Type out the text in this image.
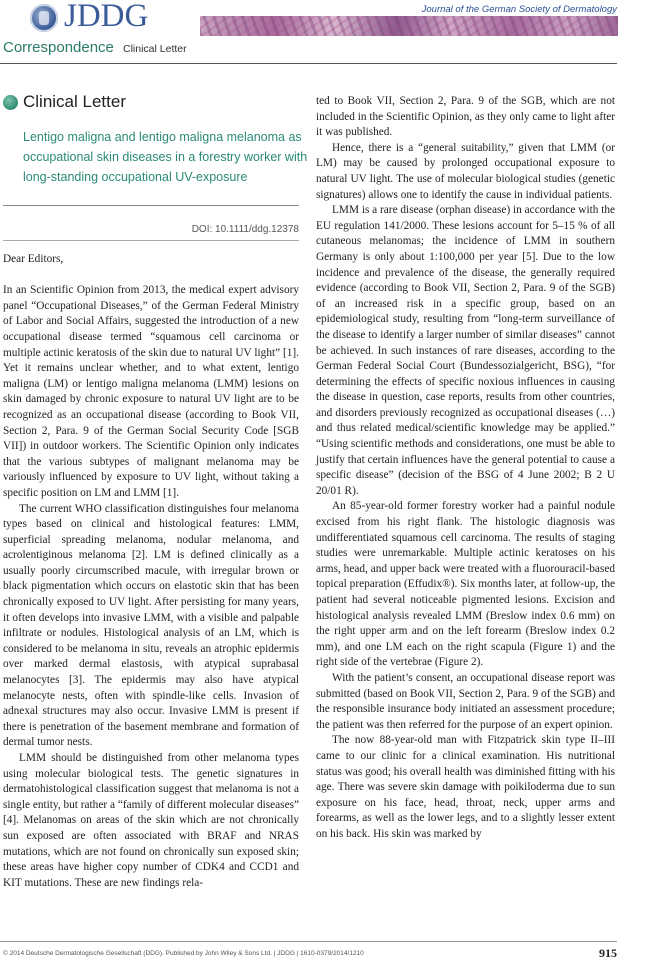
JDDG	Journal of the German Society of Dermatology
Correspondence Clinical Letter
Clinical Letter
Lentigo maligna and lentigo maligna melanoma as occupational skin diseases in a forestry worker with long-standing occupational UV-exposure
DOI: 10.1111/ddg.12378

Dear Editors,

In an Scientific Opinion from 2013, the medical expert advisory panel “Occupational Diseases,” of the German Federal Ministry of Labor and Social Affairs, suggested the introduction of a new occupational disease termed “squamous cell carcinoma or multiple actinic keratosis of the skin due to natural UV light” [1]. Yet it remains unclear whether, and to what extent, lentigo maligna (LM) or lentigo maligna melanoma (LMM) lesions on skin damaged by chronic exposure to natural UV light are to be recognized as an occupational disease (according to Book VII, Section 2, Para. 9 of the German Social Security Code [SGB VII]) in outdoor workers. The Scientific Opinion only indicates that the various subtypes of malignant melanoma may be variously influenced by exposure to UV light, without taking a specific position on LM and LMM [1].

The current WHO classification distinguishes four melanoma types based on clinical and histological features: LMM, superficial spreading melanoma, nodular melanoma, and acrolentiginous melanoma [2]. LM is defined clinically as a usually poorly circumscribed macule, with irregular brown or black pigmentation which occurs on elastotic skin that has been chronically exposed to UV light. After persisting for many years, it often develops into invasive LMM, with a visible and palpable infiltrate or nodules. Histological analysis of an LM, which is considered to be melanoma in situ, reveals an atrophic epidermis over marked dermal elastosis, with atypical suprabasal melanocytes [3]. The epidermis may also have atypical melanocyte nests, often with spindle-like cells. Invasion of adnexal structures may also occur. Invasive LMM is present if there is penetration of the basement membrane and formation of dermal tumor nests.

LMM should be distinguished from other melanoma types using molecular biological tests. The genetic signatures in dermatohistological classification suggest that melanoma is not a single entity, but rather a “family of different molecular diseases” [4]. Melanomas on areas of the skin which are not chronically sun exposed are often associated with BRAF and NRAS mutations, which are not found on chronically sun exposed skin; these areas have higher copy number of CDK4 and CCD1 and KIT mutations. These are new findings rela-

ted to Book VII, Section 2, Para. 9 of the SGB, which are not included in the Scientific Opinion, as they only came to light after it was published.

Hence, there is a “general suitability,” given that LMM (or LM) may be caused by prolonged occupational exposure to natural UV light. The use of molecular biological studies (genetic signatures) allows one to identify the cause in individual patients.

LMM is a rare disease (orphan disease) in accordance with the EU regulation 141/2000. These lesions account for 5–15 % of all cutaneous melanomas; the incidence of LMM in southern Germany is only about 1:100,000 per year [5]. Due to the low incidence and prevalence of the disease, the generally required evidence (according to Book VII, Section 2, Para. 9 of the SGB) of an increased risk in a specific group, based on an epidemiological study, resulting from “long-term surveillance of the disease to identify a larger number of similar diseases” cannot be achieved. In such instances of rare diseases, according to the German Federal Social Court (Bundessozialgericht, BSG), “for determining the effects of specific noxious influences in causing the disease in question, case reports, results from other countries, and disorders previously recognized as occupational diseases (…) and thus related medical/scientific knowledge may be applied.” “Using scientific methods and considerations, one must be able to justify that certain influences have the general potential to cause a specific disease” (decision of the BSG of 4 June 2002; B 2 U 20/01 R).

An 85-year-old former forestry worker had a painful nodule excised from his right flank. The histologic diagnosis was undifferentiated squamous cell carcinoma. The results of staging studies were unremarkable. Multiple actinic keratoses on his arms, head, and upper back were treated with a fluorouracil-based topical preparation (Effudix®). Six months later, at follow-up, the patient had several noticeable pigmented lesions. Excision and histological analysis revealed LMM (Breslow index 0.6 mm) on the right upper arm and on the left forearm (Breslow index 0.2 mm), and one LM each on the right scapula (Figure 1) and the right side of the vertebrae (Figure 2).

With the patient’s consent, an occupational disease report was submitted (based on Book VII, Section 2, Para. 9 of the SGB) and the responsible insurance body initiated an assessment procedure; the patient was then referred for the purpose of an expert opinion.

The now 88-year-old man with Fitzpatrick skin type II–III came to our clinic for a clinical examination. His nutritional status was good; his overall health was diminished fitting with his age. There was severe skin damage with poikiloderma due to sun exposure on his face, head, throat, neck, upper arms and forearms, as well as the lower legs, and to a slightly lesser extent on his back. His skin was marked by

© 2014 Deutsche Dermatologische Gesellschaft (DDG). Published by John Wiley & Sons Ltd. | JDDG | 1610-0379/2014/1210	915
